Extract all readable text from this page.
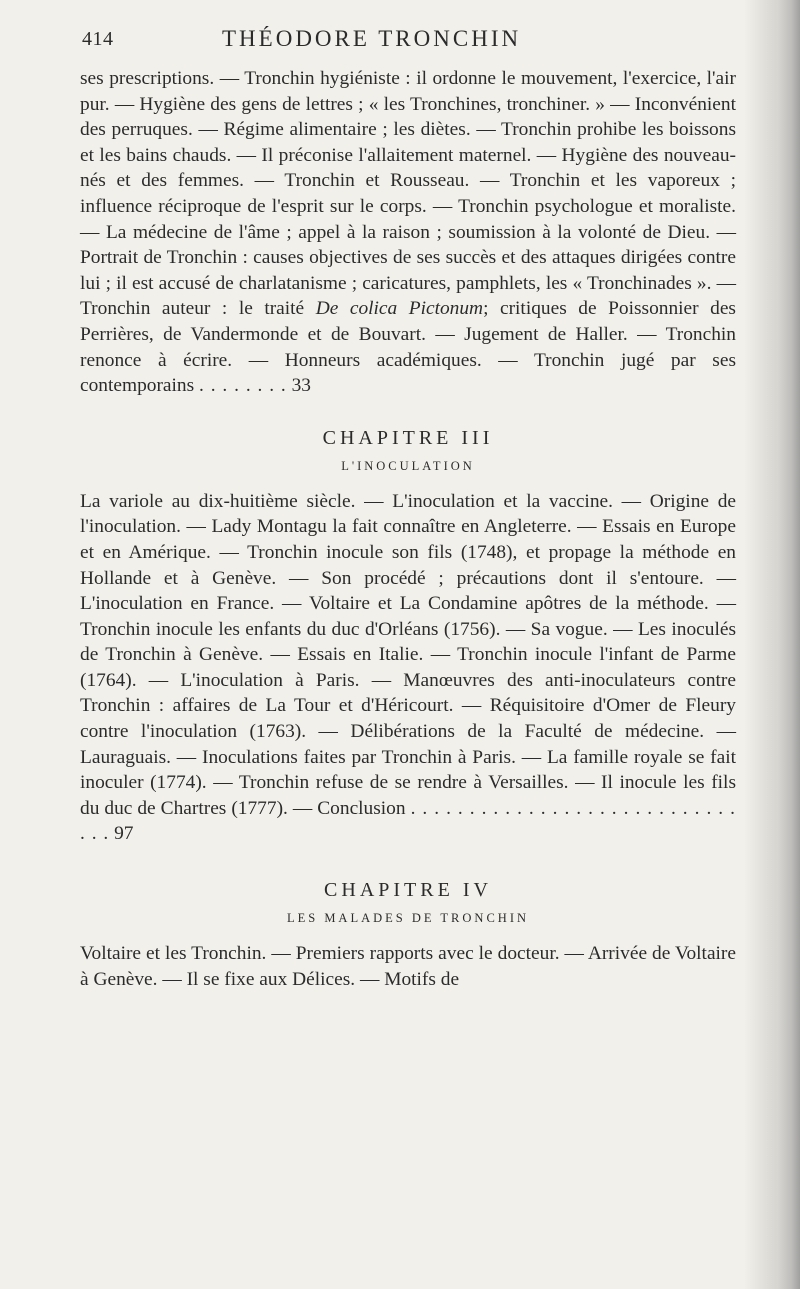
414	THÉODORE TRONCHIN

ses prescriptions. — Tronchin hygiéniste : il ordonne le mouvement, l'exercice, l'air pur. — Hygiène des gens de lettres ; « les Tronchines, tronchiner. » — Inconvénient des perruques. — Régime alimentaire ; les diètes. — Tronchin prohibe les boissons et les bains chauds. — Il préconise l'allaitement maternel. — Hygiène des nouveau-nés et des femmes. — Tronchin et Rousseau. — Tronchin et les vaporeux ; influence réciproque de l'esprit sur le corps. — Tronchin psychologue et moraliste. — La médecine de l'âme ; appel à la raison ; soumission à la volonté de Dieu. — Portrait de Tronchin : causes objectives de ses succès et des attaques dirigées contre lui ; il est accusé de charlatanisme ; caricatures, pamphlets, les « Tronchinades ». — Tronchin auteur : le traité De colica Pictonum; critiques de Poissonnier des Perrières, de Vandermonde et de Bouvart. — Jugement de Haller. — Tronchin renonce à écrire. — Honneurs académiques. — Tronchin jugé par ses contemporains . . . . . . . . 33

CHAPITRE III
L'INOCULATION

La variole au dix-huitième siècle. — L'inoculation et la vaccine. — Origine de l'inoculation. — Lady Montagu la fait connaître en Angleterre. — Essais en Europe et en Amérique. — Tronchin inocule son fils (1748), et propage la méthode en Hollande et à Genève. — Son procédé ; précautions dont il s'entoure. — L'inoculation en France. — Voltaire et La Condamine apôtres de la méthode. — Tronchin inocule les enfants du duc d'Orléans (1756). — Sa vogue. — Les inoculés de Tronchin à Genève. — Essais en Italie. — Tronchin inocule l'infant de Parme (1764). — L'inoculation à Paris. — Manœuvres des anti-inoculateurs contre Tronchin : affaires de La Tour et d'Héricourt. — Réquisitoire d'Omer de Fleury contre l'inoculation (1763). — Délibérations de la Faculté de médecine. — Lauraguais. — Inoculations faites par Tronchin à Paris. — La famille royale se fait inoculer (1774). — Tronchin refuse de se rendre à Versailles. — Il inocule les fils du duc de Chartres (1777). — Conclusion . . . . . . . . . . . . . . . . . . . . . . . . . . . . . . . 97

CHAPITRE IV
LES MALADES DE TRONCHIN

Voltaire et les Tronchin. — Premiers rapports avec le docteur. — Arrivée de Voltaire à Genève. — Il se fixe aux Délices. — Motifs de
